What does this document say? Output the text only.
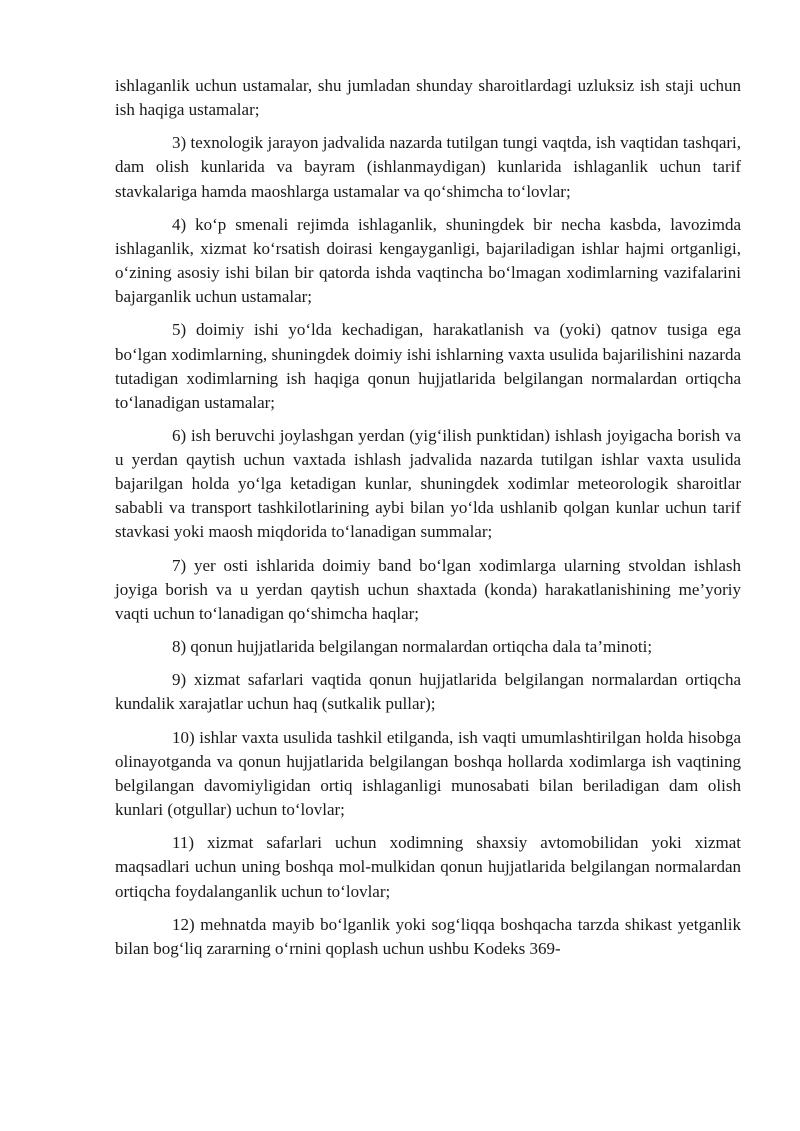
ishlaganlik uchun ustamalar, shu jumladan shunday sharoitlardagi uzluksiz ish staji uchun ish haqiga ustamalar;

3) texnologik jarayon jadvalida nazarda tutilgan tungi vaqtda, ish vaqtidan tashqari, dam olish kunlarida va bayram (ishlanmaydigan) kunlarida ishlaganlik uchun tarif stavkalariga hamda maoshlarga ustamalar va qo‘shimcha to‘lovlar;

4) ko‘p smenali rejimda ishlaganlik, shuningdek bir necha kasbda, lavozimda ishlaganlik, xizmat ko‘rsatish doirasi kengayganligi, bajariladigan ishlar hajmi ortganligi, o‘zining asosiy ishi bilan bir qatorda ishda vaqtincha bo‘lmagan xodimlarning vazifalarini bajarganlik uchun ustamalar;

5) doimiy ishi yo‘lda kechadigan, harakatlanish va (yoki) qatnov tusiga ega bo‘lgan xodimlarning, shuningdek doimiy ishi ishlarning vaxta usulida bajarilishini nazarda tutadigan xodimlarning ish haqiga qonun hujjatlarida belgilangan normalardan ortiqcha to‘lanadigan ustamalar;

6) ish beruvchi joylashgan yerdan (yig‘ilish punktidan) ishlash joyigacha borish va u yerdan qaytish uchun vaxtada ishlash jadvalida nazarda tutilgan ishlar vaxta usulida bajarilgan holda yo‘lga ketadigan kunlar, shuningdek xodimlar meteorologik sharoitlar sababli va transport tashkilotlarining aybi bilan yo‘lda ushlanib qolgan kunlar uchun tarif stavkasi yoki maosh miqdorida to‘lanadigan summalar;

7) yer osti ishlarida doimiy band bo‘lgan xodimlarga ularning stvoldan ishlash joyiga borish va u yerdan qaytish uchun shaxtada (konda) harakatlanishining me’yoriy vaqti uchun to‘lanadigan qo‘shimcha haqlar;

8) qonun hujjatlarida belgilangan normalardan ortiqcha dala ta’minoti;

9) xizmat safarlari vaqtida qonun hujjatlarida belgilangan normalardan ortiqcha kundalik xarajatlar uchun haq (sutkalik pullar);

10) ishlar vaxta usulida tashkil etilganda, ish vaqti umumlashtirilgan holda hisobga olinayotganda va qonun hujjatlarida belgilangan boshqa hollarda xodimlarga ish vaqtining belgilangan davomiyligidan ortiq ishlaganligi munosabati bilan beriladigan dam olish kunlari (otgullar) uchun to‘lovlar;

11) xizmat safarlari uchun xodimning shaxsiy avtomobilidan yoki xizmat maqsadlari uchun uning boshqa mol-mulkidan qonun hujjatlarida belgilangan normalardan ortiqcha foydalanganlik uchun to‘lovlar;

12) mehnatda mayib bo‘lganlik yoki sog‘liqqa boshqacha tarzda shikast yetganlik bilan bog‘liq zararning o‘rnini qoplash uchun ushbu Kodeks 369-
